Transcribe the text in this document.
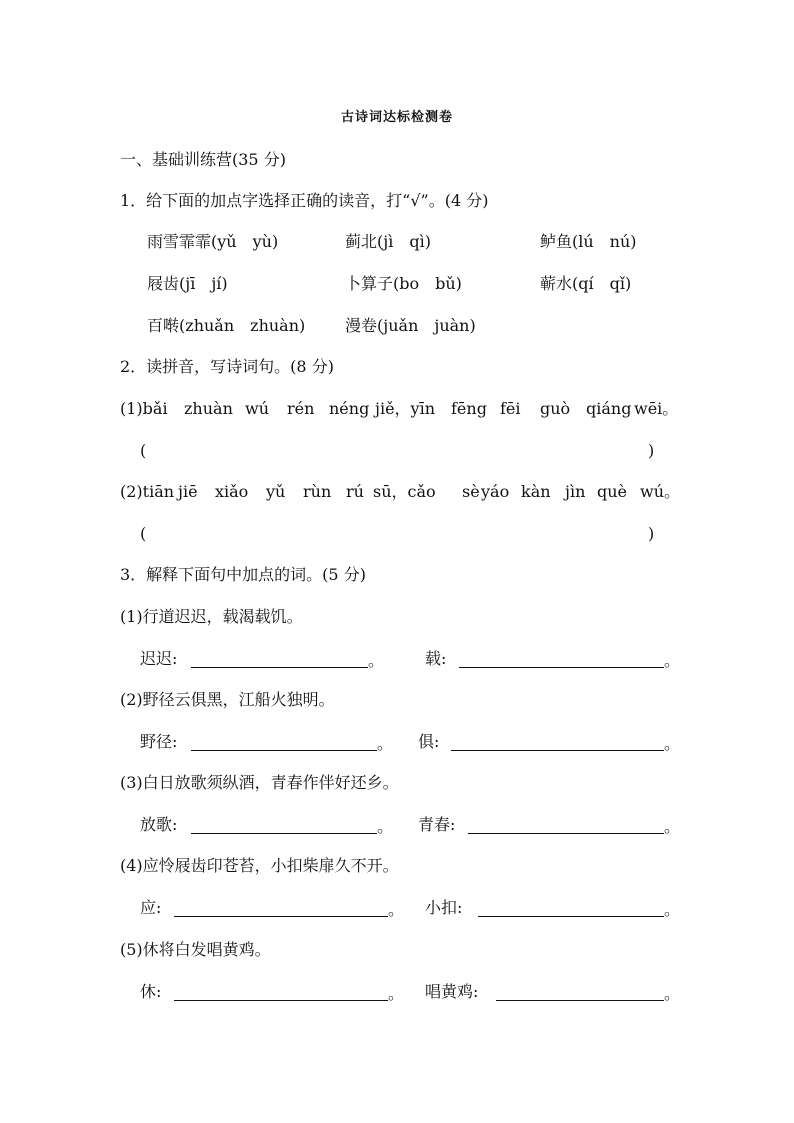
古诗词达标检测卷
一、基础训练营(35 分)
1．给下面的加点字选择正确的读音，打“√”。(4 分)
雨雪霏霏(yǔ　yù)	蓟北(jì　qì)	鲈鱼(lú　nú)
屐齿(jī　jí)	卜算子(bo　bǔ)	蕲水(qí　qǐ)
百啭(zhuǎn　zhuàn) 漫卷(juǎn　juàn)
2．读拼音，写诗词句。(8 分)
(1)bǎi zhuàn wú rén néng jiě，yīn fēng fēi guò qiáng wēi。
(	)
(2)tiān jiē xiǎo yǔ rùn rú sū，cǎo sè yáo kàn jìn què wú。
(	)
3．解释下面句中加点的词。(5 分)
(1)行道迟迟，载渴载饥。
迟迟:	。	载:	。
(2)野径云俱黑，江船火独明。
野径:	。 俱:	。
(3)白日放歌须纵酒，青春作伴好还乡。
放歌:	。 青春:	。
(4)应怜屐齿印苍苔，小扣柴扉久不开。
应:	。 小扣:	。
(5)休将白发唱黄鸡。
休:	。 唱黄鸡:	。
